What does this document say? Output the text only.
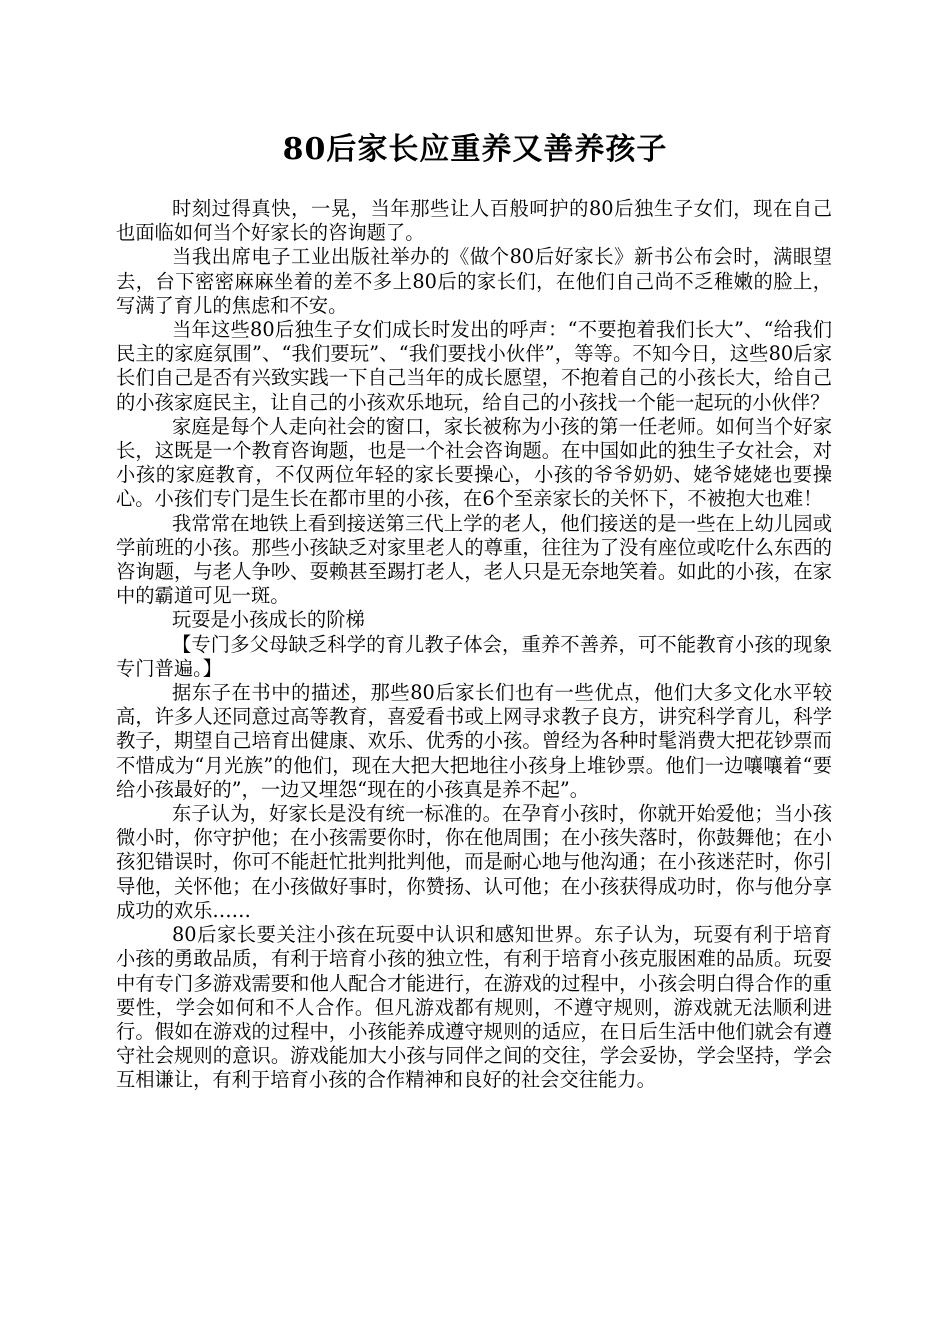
80后家长应重养又善养孩子

时刻过得真快，一晃，当年那些让人百般呵护的80后独生子女们，现在自己也面临如何当个好家长的咨询题了。

当我出席电子工业出版社举办的《做个80后好家长》新书公布会时，满眼望去，台下密密麻麻坐着的差不多上80后的家长们，在他们自己尚不乏稚嫩的脸上，写满了育儿的焦虑和不安。

当年这些80后独生子女们成长时发出的呼声：“不要抱着我们长大”、“给我们民主的家庭氛围”、“我们要玩”、“我们要找小伙伴”，等等。不知今日，这些80后家长们自己是否有兴致实践一下自己当年的成长愿望，不抱着自己的小孩长大，给自己的小孩家庭民主，让自己的小孩欢乐地玩，给自己的小孩找一个能一起玩的小伙伴？

家庭是每个人走向社会的窗口，家长被称为小孩的第一任老师。如何当个好家长，这既是一个教育咨询题，也是一个社会咨询题。在中国如此的独生子女社会，对小孩的家庭教育，不仅两位年轻的家长要操心，小孩的爷爷奶奶、姥爷姥姥也要操心。小孩们专门是生长在都市里的小孩，在6个至亲家长的关怀下，不被抱大也难！

我常常在地铁上看到接送第三代上学的老人，他们接送的是一些在上幼儿园或学前班的小孩。那些小孩缺乏对家里老人的尊重，往往为了没有座位或吃什么东西的咨询题，与老人争吵、耍赖甚至踢打老人，老人只是无奈地笑着。如此的小孩，在家中的霸道可见一斑。

玩耍是小孩成长的阶梯

【专门多父母缺乏科学的育儿教子体会，重养不善养，可不能教育小孩的现象专门普遍。】

据东子在书中的描述，那些80后家长们也有一些优点，他们大多文化水平较高，许多人还同意过高等教育，喜爱看书或上网寻求教子良方，讲究科学育儿，科学教子，期望自己培育出健康、欢乐、优秀的小孩。曾经为各种时髦消费大把花钞票而不惜成为“月光族”的他们，现在大把大把地往小孩身上堆钞票。他们一边嚷嚷着“要给小孩最好的”，一边又埋怨“现在的小孩真是养不起”。

东子认为，好家长是没有统一标准的。在孕育小孩时，你就开始爱他；当小孩微小时，你守护他；在小孩需要你时，你在他周围；在小孩失落时，你鼓舞他；在小孩犯错误时，你可不能赶忙批判批判他，而是耐心地与他沟通；在小孩迷茫时，你引导他，关怀他；在小孩做好事时，你赞扬、认可他；在小孩获得成功时，你与他分享成功的欢乐……

80后家长要关注小孩在玩耍中认识和感知世界。东子认为，玩耍有利于培育小孩的勇敢品质，有利于培育小孩的独立性，有利于培育小孩克服困难的品质。玩耍中有专门多游戏需要和他人配合才能进行，在游戏的过程中，小孩会明白得合作的重要性，学会如何和不人合作。但凡游戏都有规则，不遵守规则，游戏就无法顺利进行。假如在游戏的过程中，小孩能养成遵守规则的适应，在日后生活中他们就会有遵守社会规则的意识。游戏能加大小孩与同伴之间的交往，学会妥协，学会坚持，学会互相谦让，有利于培育小孩的合作精神和良好的社会交往能力。
